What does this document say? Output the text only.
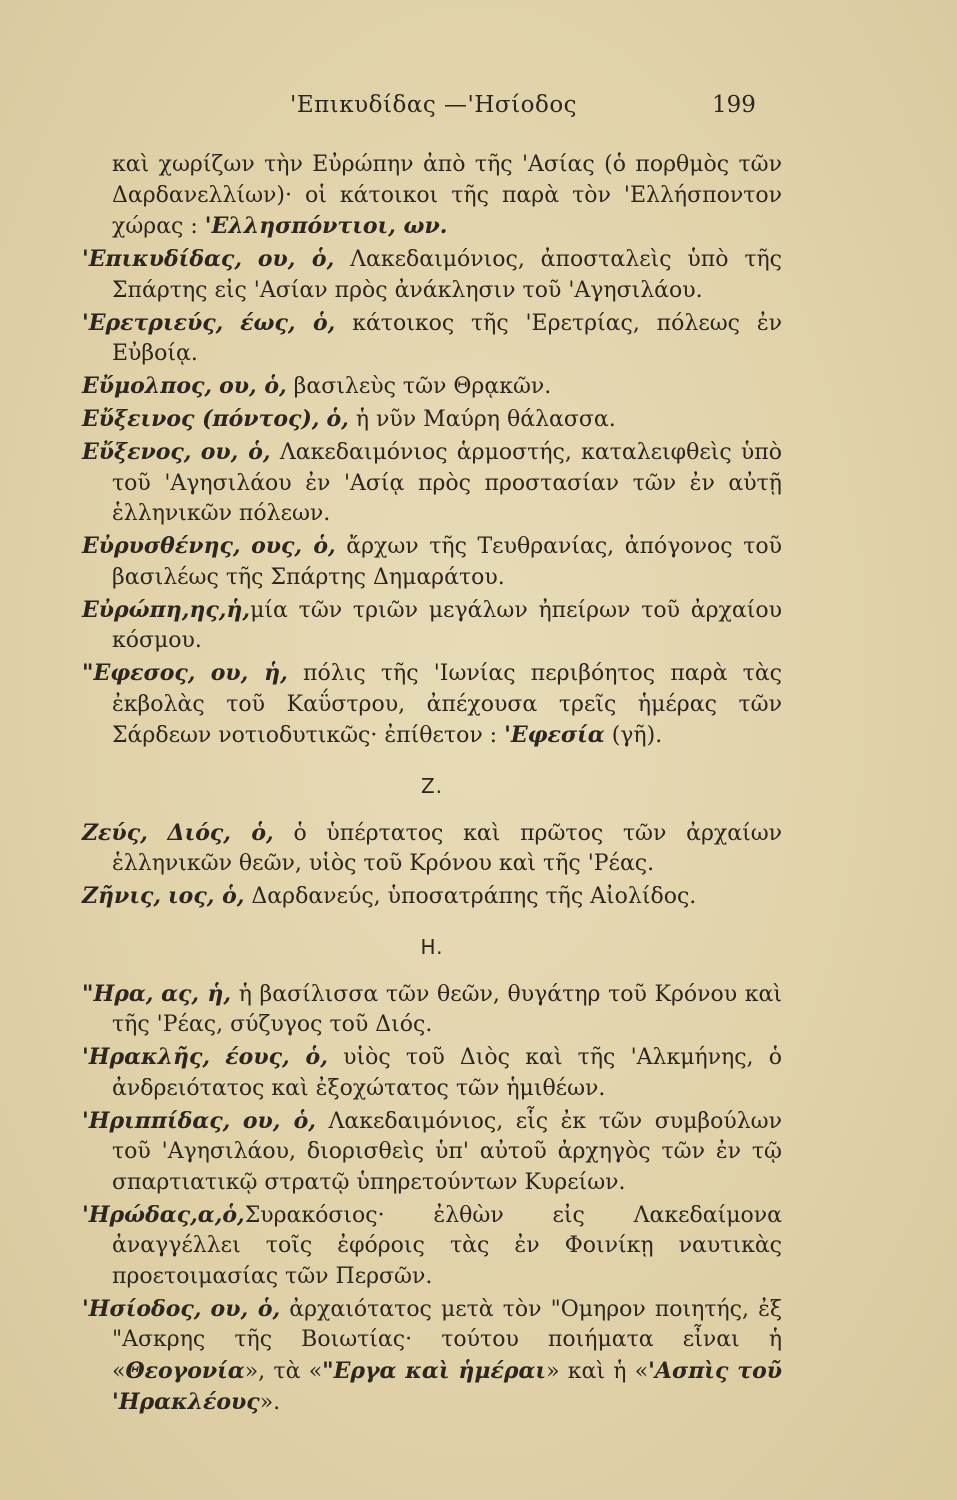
'Επικυδίδας —'Ησίοδος	199

καὶ χωρίζων τὴν Εὐρώπην ἀπὸ τῆς 'Ασίας (ὁ πορθμὸς τῶν Δαρδανελλίων)· οἱ κάτοικοι τῆς παρὰ τὸν 'Ελλήσποντον χώρας : 'Ελλησπόντιοι, ων.

'Επικυδίδας, ου, ὁ, Λακεδαιμόνιος, ἀποσταλεὶς ὑπὸ τῆς Σπάρτης εἰς 'Ασίαν πρὸς ἀνάκλησιν τοῦ 'Αγησιλάου.

'Ερετριεύς, έως, ὁ, κάτοικος τῆς 'Ερετρίας, πόλεως ἐν Εὐβοίᾳ.

Εὔμολπος, ου, ὁ, βασιλεὺς τῶν Θρᾳκῶν.

Εὔξεινος (πόντος), ὁ, ἡ νῦν Μαύρη θάλασσα.

Εὔξενος, ου, ὁ, Λακεδαιμόνιος ἁρμοστής, καταλειφθεὶς ὑπὸ τοῦ 'Αγησιλάου ἐν 'Ασίᾳ πρὸς προστασίαν τῶν ἐν αὐτῇ ἑλληνικῶν πόλεων.

Εὐρυσθένης, ους, ὁ, ἄρχων τῆς Τευθρανίας, ἀπόγονος τοῦ βασιλέως τῆς Σπάρτης Δημαράτου.

Εὐρώπη,ης,ἡ,μία τῶν τριῶν μεγάλων ἠπείρων τοῦ ἀρχαίου κόσμου.

"Εφεσος, ου, ἡ, πόλις τῆς 'Ιωνίας περιβόητος παρὰ τὰς ἐκβολὰς τοῦ Καΰστρου, ἀπέχουσα τρεῖς ἡμέρας τῶν Σάρδεων νοτιοδυτικῶς· ἐπίθετον : 'Εφεσία (γῆ).

Z.

Ζεύς, Διός, ὁ, ὁ ὑπέρτατος καὶ πρῶτος τῶν ἀρχαίων ἑλληνικῶν θεῶν, υἱὸς τοῦ Κρόνου καὶ τῆς 'Ρέας.

Ζῆνις, ιος, ὁ, Δαρδανεύς, ὑποσατράπης τῆς Αἰολίδος.

H.

"Ηρα, ας, ἡ, ἡ βασίλισσα τῶν θεῶν, θυγάτηρ τοῦ Κρόνου καὶ τῆς 'Ρέας, σύζυγος τοῦ Διός.

'Ηρακλῆς, έους, ὁ, υἱὸς τοῦ Διὸς καὶ τῆς 'Αλκμήνης, ὁ ἀνδρειότατος καὶ ἐξοχώτατος τῶν ἡμιθέων.

'Ηριππίδας, ου, ὁ, Λακεδαιμόνιος, εἷς ἐκ τῶν συμβούλων τοῦ 'Αγησιλάου, διορισθεὶς ὑπ' αὐτοῦ ἀρχηγὸς τῶν ἐν τῷ σπαρτιατικῷ στρατῷ ὑπηρετούντων Κυρείων.

'Ηρώδας,α,ὁ,Συρακόσιος· ἐλθὼν εἰς Λακεδαίμονα ἀναγγέλλει τοῖς ἐφόροις τὰς ἐν Φοινίκῃ ναυτικὰς προετοιμασίας τῶν Περσῶν.

'Ησίοδος, ου, ὁ, ἀρχαιότατος μετὰ τὸν "Ομηρον ποιητής, ἐξ "Ασκρης τῆς Βοιωτίας· τούτου ποιήματα εἶναι ἡ «Θεογονία», τὰ «"Εργα καὶ ἡμέραι» καὶ ἡ «'Ασπὶς τοῦ 'Ηρακλέους».
